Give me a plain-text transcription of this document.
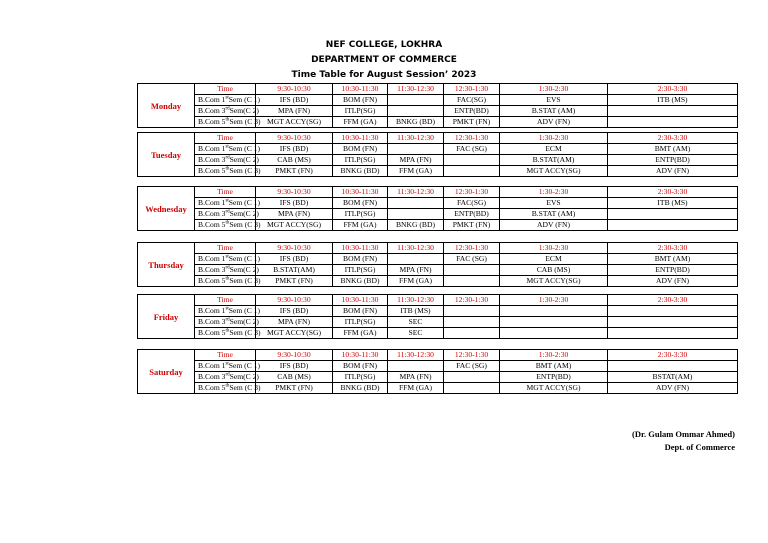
NEF COLLEGE, LOKHRA
DEPARTMENT OF COMMERCE
Time Table for August Session’ 2023
Monday	Time	9:30-10:30	10:30-11:30	11:30-12:30	12:30-1:30	1:30-2:30	2:30-3:30
	B.Com 1stSem (C 1)	IFS (BD)	BOM (FN)		FAC(SG)	EVS	ITB (MS)
	B.Com 3rdSem(C 2)	MPA (FN)	ITLP(SG)		ENTP(BD)	B.STAT (AM)	
	B.Com 5thSem (C 3)	MGT ACCY(SG)	FFM (GA)	BNKG (BD)	PMKT (FN)	ADV (FN)	
Tuesday	Time	9:30-10:30	10:30-11:30	11:30-12:30	12:30-1:30	1:30-2:30	2:30-3:30
	B.Com 1stSem (C 1)	IFS (BD)	BOM (FN)		FAC (SG)	ECM	BMT (AM)
	B.Com 3rdSem(C 2)	CAB (MS)	ITLP(SG)	MPA (FN)		B.STAT(AM)	ENTP(BD)
	B.Com 5thSem (C 3)	PMKT (FN)	BNKG (BD)	FFM (GA)		MGT ACCY(SG)	ADV (FN)
Wednesday	Time	9:30-10:30	10:30-11:30	11:30-12:30	12:30-1:30	1:30-2:30	2:30-3:30
	B.Com 1stSem (C 1)	IFS (BD)	BOM (FN)		FAC(SG)	EVS	ITB (MS)
	B.Com 3rdSem(C 2)	MPA (FN)	ITLP(SG)		ENTP(BD)	B.STAT (AM)	
	B.Com 5thSem (C 3)	MGT ACCY(SG)	FFM (GA)	BNKG (BD)	PMKT (FN)	ADV (FN)	
Thursday	Time	9:30-10:30	10:30-11:30	11:30-12:30	12:30-1:30	1:30-2:30	2:30-3:30
	B.Com 1stSem (C 1)	IFS (BD)	BOM (FN)		FAC (SG)	ECM	BMT (AM)
	B.Com 3rdSem(C 2)	B.STAT(AM)	ITLP(SG)	MPA (FN)		CAB (MS)	ENTP(BD)
	B.Com 5thSem (C 3)	PMKT (FN)	BNKG (BD)	FFM (GA)		MGT ACCY(SG)	ADV (FN)
Friday	Time	9:30-10:30	10:30-11:30	11:30-12:30	12:30-1:30	1:30-2:30	2:30-3:30
	B.Com 1stSem (C 1)	IFS (BD)	BOM (FN)	ITB (MS)			
	B.Com 3rdSem(C 2)	MPA (FN)	ITLP(SG)	SEC			
	B.Com 5thSem (C 3)	MGT ACCY(SG)	FFM (GA)	SEC			
Saturday	Time	9:30-10:30	10:30-11:30	11:30-12:30	12:30-1:30	1:30-2:30	2:30-3:30
	B.Com 1stSem (C 1)	IFS (BD)	BOM (FN)		FAC (SG)	BMT (AM)	
	B.Com 3rdSem(C 2)	CAB (MS)	ITLP(SG)	MPA (FN)		ENTP(BD)	BSTAT(AM)
	B.Com 5thSem (C 3)	PMKT (FN)	BNKG (BD)	FFM (GA)		MGT ACCY(SG)	ADV (FN)
(Dr. Gulam Ommar Ahmed)
Dept. of Commerce
